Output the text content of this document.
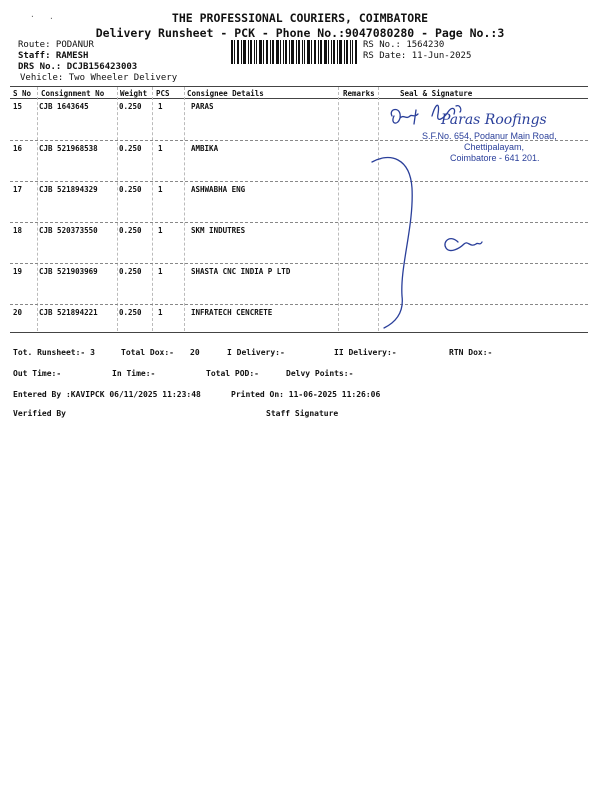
· ·	THE PROFESSIONAL COURIERS, COIMBATORE
Delivery Runsheet - PCK - Phone No.:9047080280 - Page No.:3
Route: PODANUR
Staff: RAMESH
DRS No.: DCJB156423003
Vehicle: Two Wheeler Delivery
RS No.: 1564230
RS Date: 11-Jun-2025
S No Consignment No Weight PCS Consignee Details	Remarks	Seal & Signature
15 CJB 1643645	0.250 1	PARAS
16 CJB 521968538	0.250 1	AMBIKA
17 CJB 521894329	0.250 1	ASHWABHA ENG
18 CJB 520373550	0.250 1	SKM INDUTRES
19 CJB 521903969	0.250 1	SHASTA CNC INDIA P LTD
20 CJB 521894221	0.250 1	INFRATECH CENCRETE
Paras Roofings
S.F.No. 654, Podanur Main Road,
Chettipalayam,
Coimbatore - 641 201.
Tot. Runsheet:- 3	Total Dox:- 20	I Delivery:-	II Delivery:-	RTN Dox:-
Out Time:-	In Time:-	Total POD:-	Delvy Points:-
Entered By :KAVIPCK 06/11/2025 11:23:48	Printed On: 11-06-2025 11:26:06
Verified By	Staff Signature
